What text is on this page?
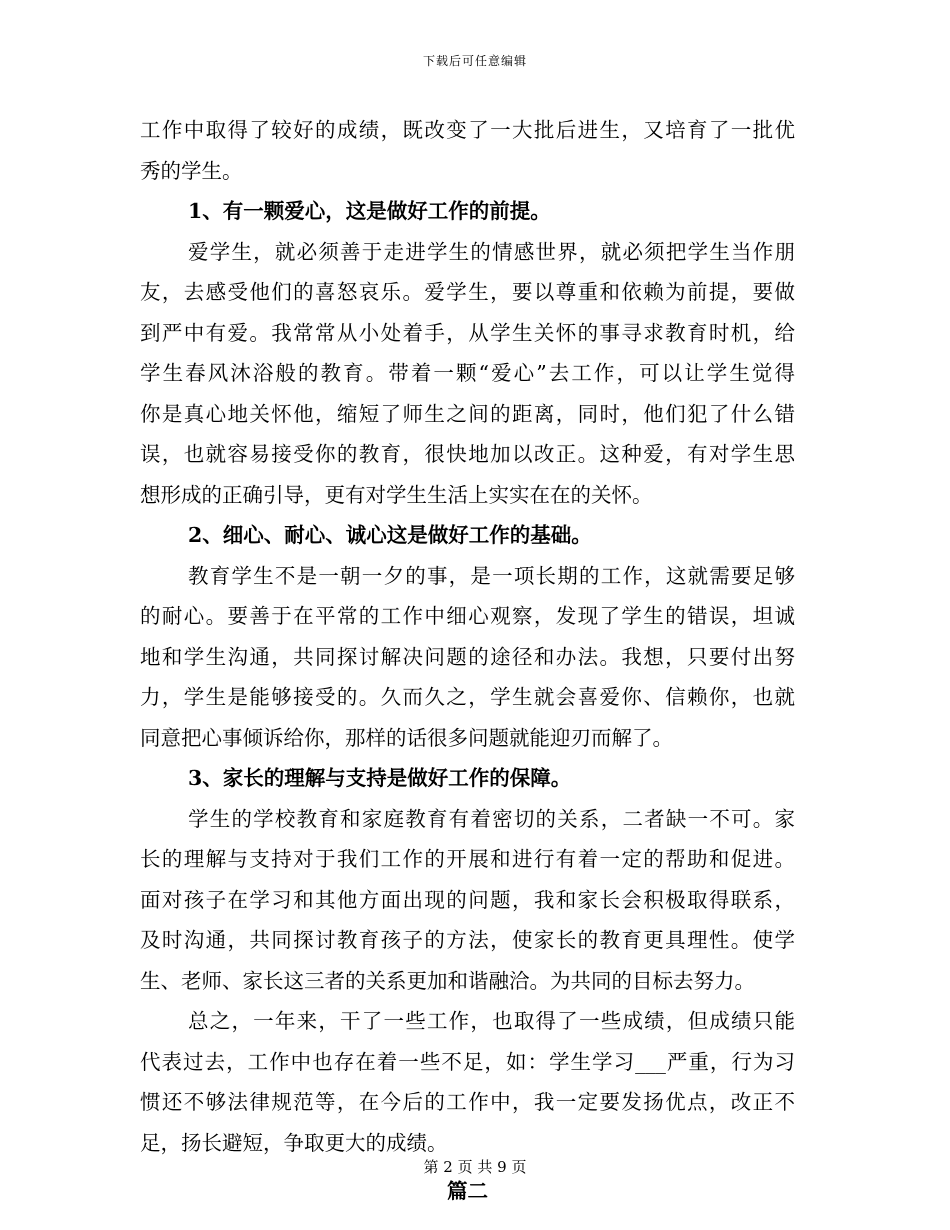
下载后可任意编辑
工作中取得了较好的成绩，既改变了一大批后进生，又培育了一批优
秀的学生。
1、有一颗爱心，这是做好工作的前提。
爱学生，就必须善于走进学生的情感世界，就必须把学生当作朋
友，去感受他们的喜怒哀乐。爱学生，要以尊重和依赖为前提，要做
到严中有爱。我常常从小处着手，从学生关怀的事寻求教育时机，给
学生春风沐浴般的教育。带着一颗“爱心”去工作，可以让学生觉得
你是真心地关怀他，缩短了师生之间的距离，同时，他们犯了什么错
误，也就容易接受你的教育，很快地加以改正。这种爱，有对学生思
想形成的正确引导，更有对学生生活上实实在在的关怀。
2、细心、耐心、诚心这是做好工作的基础。
教育学生不是一朝一夕的事，是一项长期的工作，这就需要足够
的耐心。要善于在平常的工作中细心观察，发现了学生的错误，坦诚
地和学生沟通，共同探讨解决问题的途径和办法。我想，只要付出努
力，学生是能够接受的。久而久之，学生就会喜爱你、信赖你，也就
同意把心事倾诉给你，那样的话很多问题就能迎刃而解了。
3、家长的理解与支持是做好工作的保障。
学生的学校教育和家庭教育有着密切的关系，二者缺一不可。家
长的理解与支持对于我们工作的开展和进行有着一定的帮助和促进。
面对孩子在学习和其他方面出现的问题，我和家长会积极取得联系，
及时沟通，共同探讨教育孩子的方法，使家长的教育更具理性。使学
生、老师、家长这三者的关系更加和谐融洽。为共同的目标去努力。
总之，一年来，干了一些工作，也取得了一些成绩，但成绩只能
代表过去，工作中也存在着一些不足，如：学生学习___严重，行为习
惯还不够法律规范等，在今后的工作中，我一定要发扬优点，改正不
足，扬长避短，争取更大的成绩。
篇二
第 2 页 共 9 页
